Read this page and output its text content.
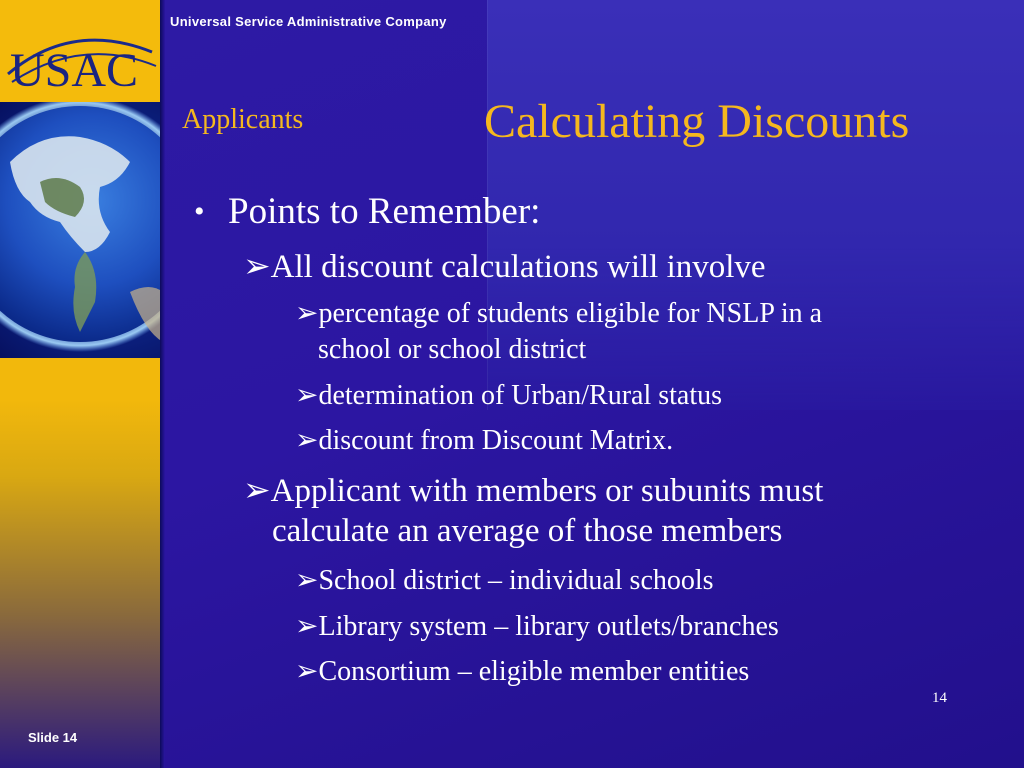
USAC
Universal Service Administrative Company
Applicants	Calculating Discounts
• Points to Remember:
➢All discount calculations will involve
➢percentage of students eligible for NSLP in a
school or school district
➢determination of Urban/Rural status
➢discount from Discount Matrix.
➢Applicant with members or subunits must
calculate an average of those members
➢School district – individual schools
➢Library system – library outlets/branches
➢Consortium – eligible member entities
14
Slide 14
